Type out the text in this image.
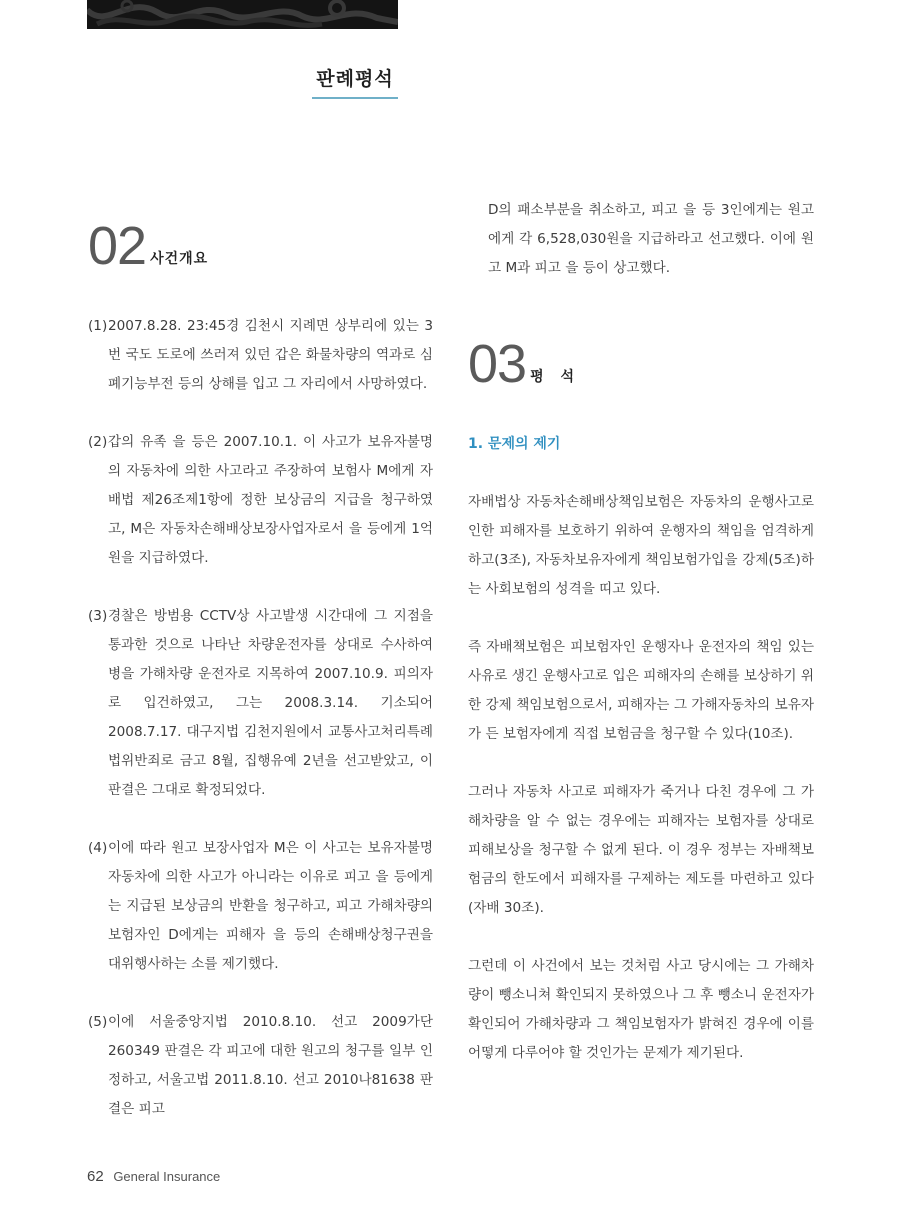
판례평석
02 사건개요
(1) 2007.8.28. 23:45경 김천시 지례면 상부리에 있는 3번 국도 도로에 쓰러져 있던 갑은 화물차량의 역과로 심폐기능부전 등의 상해를 입고 그 자리에서 사망하였다.
(2) 갑의 유족 을 등은 2007.10.1. 이 사고가 보유자불명의 자동차에 의한 사고라고 주장하여 보험사 M에게 자배법 제26조제1항에 정한 보상금의 지급을 청구하였고, M은 자동차손해배상보장사업자로서 을 등에게 1억원을 지급하였다.
(3) 경찰은 방범용 CCTV상 사고발생 시간대에 그 지점을 통과한 것으로 나타난 차량운전자를 상대로 수사하여 병을 가해차량 운전자로 지목하여 2007.10.9. 피의자로 입건하였고, 그는 2008.3.14. 기소되어 2008.7.17. 대구지법 김천지원에서 교통사고처리특례법위반죄로 금고 8월, 집행유예 2년을 선고받았고, 이 판결은 그대로 확정되었다.
(4) 이에 따라 원고 보장사업자 M은 이 사고는 보유자불명 자동차에 의한 사고가 아니라는 이유로 피고 을 등에게는 지급된 보상금의 반환을 청구하고, 피고 가해차량의 보험자인 D에게는 피해자 을 등의 손해배상청구권을 대위행사하는 소를 제기했다.
(5) 이에 서울중앙지법 2010.8.10. 선고 2009가단260349 판결은 각 피고에 대한 원고의 청구를 일부 인정하고, 서울고법 2011.8.10. 선고 2010나81638 판결은 피고

D의 패소부분을 취소하고, 피고 을 등 3인에게는 원고에게 각 6,528,030원을 지급하라고 선고했다. 이에 원고 M과 피고 을 등이 상고했다.

03 평 석

1. 문제의 제기

자배법상 자동차손해배상책임보험은 자동차의 운행사고로 인한 피해자를 보호하기 위하여 운행자의 책임을 엄격하게 하고(3조), 자동차보유자에게 책임보험가입을 강제(5조)하는 사회보험의 성격을 띠고 있다.

즉 자배책보험은 피보험자인 운행자나 운전자의 책임 있는 사유로 생긴 운행사고로 입은 피해자의 손해를 보상하기 위한 강제 책임보험으로서, 피해자는 그 가해자동차의 보유자가 든 보험자에게 직접 보험금을 청구할 수 있다(10조).

그러나 자동차 사고로 피해자가 죽거나 다친 경우에 그 가해차량을 알 수 없는 경우에는 피해자는 보험자를 상대로 피해보상을 청구할 수 없게 된다. 이 경우 정부는 자배책보험금의 한도에서 피해자를 구제하는 제도를 마련하고 있다(자배 30조).

그런데 이 사건에서 보는 것처럼 사고 당시에는 그 가해차량이 뺑소니쳐 확인되지 못하였으나 그 후 뺑소니 운전자가 확인되어 가해차량과 그 책임보험자가 밝혀진 경우에 이를 어떻게 다루어야 할 것인가는 문제가 제기된다.

62 General Insurance
